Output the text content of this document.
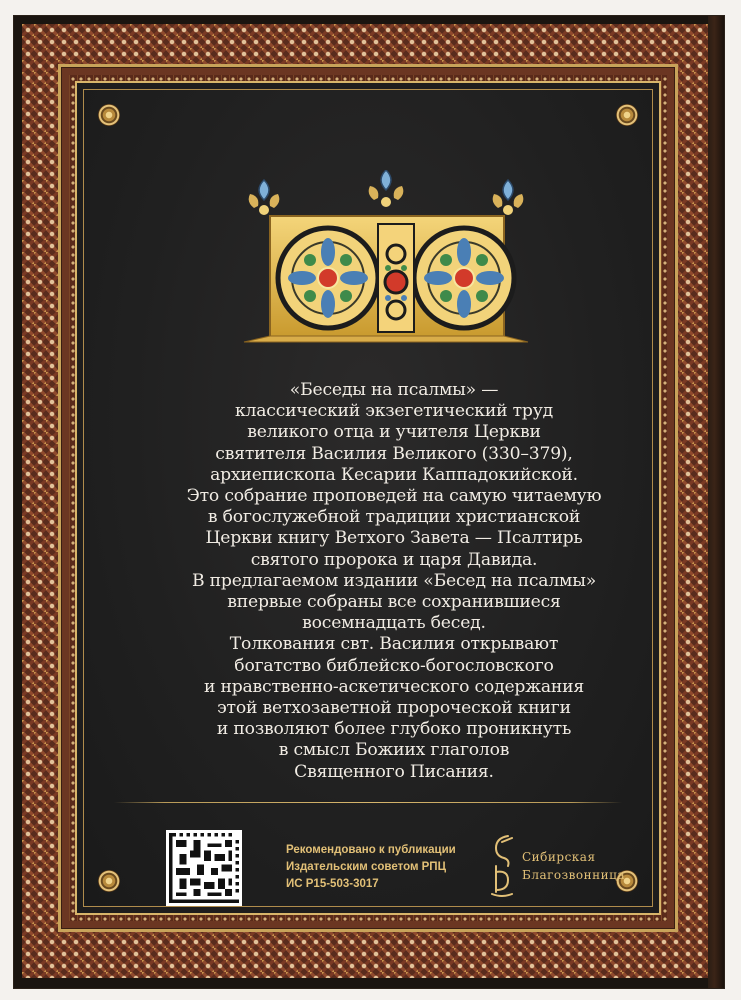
«Беседы на псалмы» —
классический экзегетический труд
великого отца и учителя Церкви
святителя Василия Великого (330–379),
архиепископа Кесарии Каппадокийской.
Это собрание проповедей на самую читаемую
в богослужебной традиции христианской
Церкви книгу Ветхого Завета — Псалтирь
святого пророка и царя Давида.
В предлагаемом издании «Бесед на псалмы»
впервые собраны все сохранившиеся
восемнадцать бесед.
Толкования свт. Василия открывают
богатство библейско-богословского
и нравственно-аскетического содержания
этой ветхозаветной пророческой книги
и позволяют более глубоко проникнуть
в смысл Божиих глаголов
Священного Писания.
Рекомендовано к публикации
Издательским советом РПЦ
ИС Р15-503-3017
Сибирская
Благозвонница
